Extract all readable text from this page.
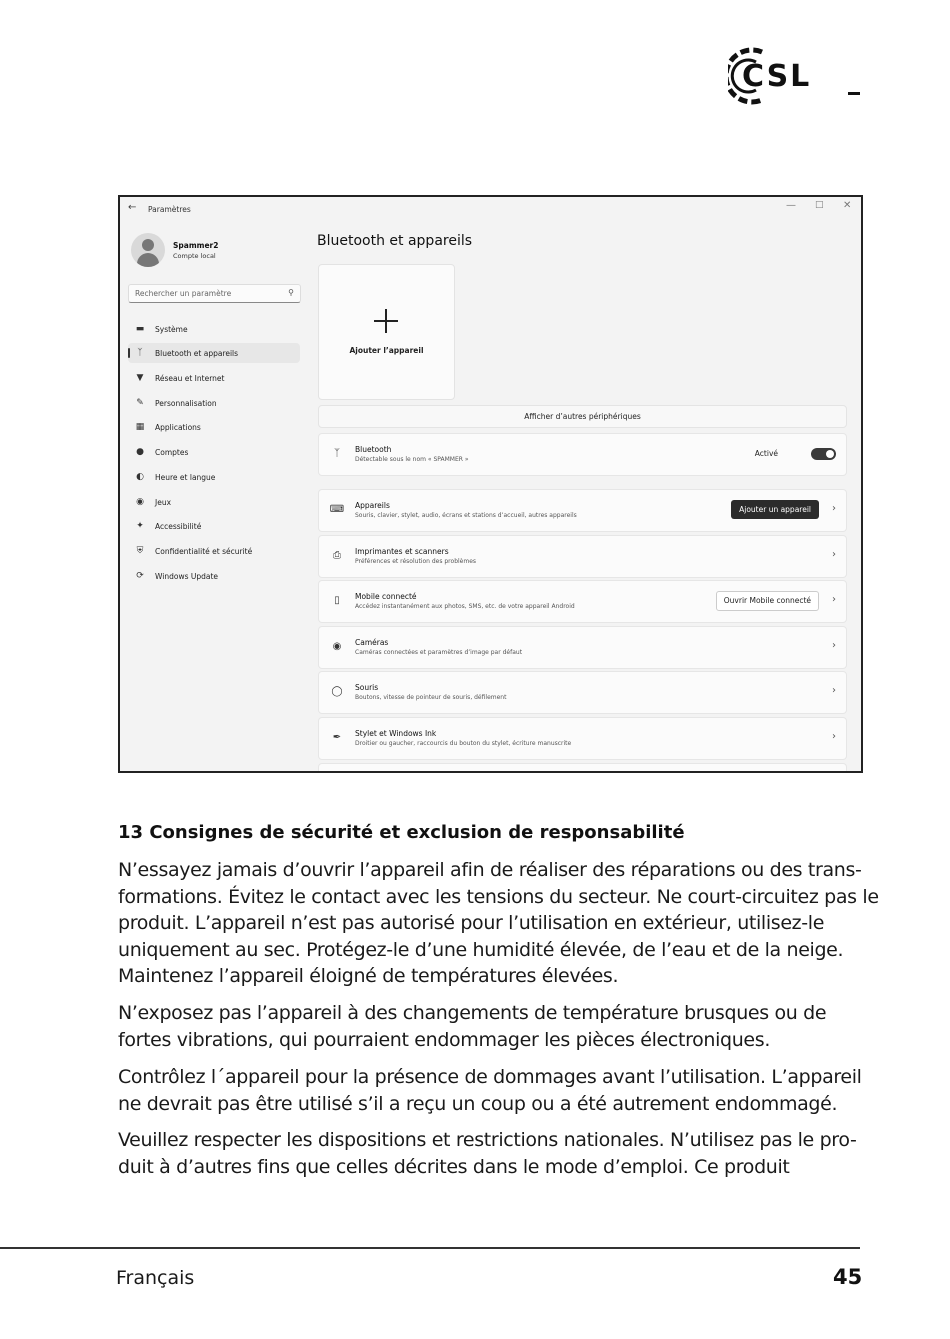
CSL
← Paramètres	— □ ✕
Spammer2
Compte local
Rechercher un paramètre	⚲
▬ Système
ᛉ	Bluetooth et appareils
▼	Réseau et Internet
✎ Personnalisation
▦ Applications
● Comptes
◐ Heure et langue
◉ Jeux
✦ Accessibilité
⛨	Confidentialité et sécurité
⟳ Windows Update
Bluetooth et appareils
Ajouter l’appareil
Afficher d’autres périphériques
ᛉ	Bluetooth
Détectable sous le nom « SPAMMER »
Activé
⌨ Appareils
Souris, clavier, stylet, audio, écrans et stations d’accueil, autres appareils
Ajouter un appareil	›
⎙	Imprimantes et scanners
Préférences et résolution des problèmes
›
▯	Mobile connecté
Accédez instantanément aux photos, SMS, etc. de votre appareil Android
Ouvrir Mobile connecté	›
◉	Caméras
Caméras connectées et paramètres d’image par défaut
›
◯	Souris
Boutons, vitesse de pointeur de souris, défilement
›
✒	Stylet et Windows Ink
Droitier ou gaucher, raccourcis du bouton du stylet, écriture manuscrite
›
13 Consignes de sécurité et exclusion de responsabilité
N’essayez jamais d’ouvrir l’appareil afin de réaliser des réparations ou des trans-
formations. Évitez le contact avec les tensions du secteur. Ne court-circuitez pas le
produit. L’appareil n’est pas autorisé pour l’utilisation en extérieur, utilisez-le
uniquement au sec. Protégez-le d’une humidité élevée, de l’eau et de la neige.
Maintenez l’appareil éloigné de températures élevées.
N’exposez pas l’appareil à des changements de température brusques ou de
fortes vibrations, qui pourraient endommager les pièces électroniques.
Contrôlez l´appareil pour la présence de dommages avant l’utilisation. L’appareil
ne devrait pas être utilisé s’il a reçu un coup ou a été autrement endommagé.
Veuillez respecter les dispositions et restrictions nationales. N’utilisez pas le pro-
duit à d’autres fins que celles décrites dans le mode d’emploi. Ce produit
Français	45
